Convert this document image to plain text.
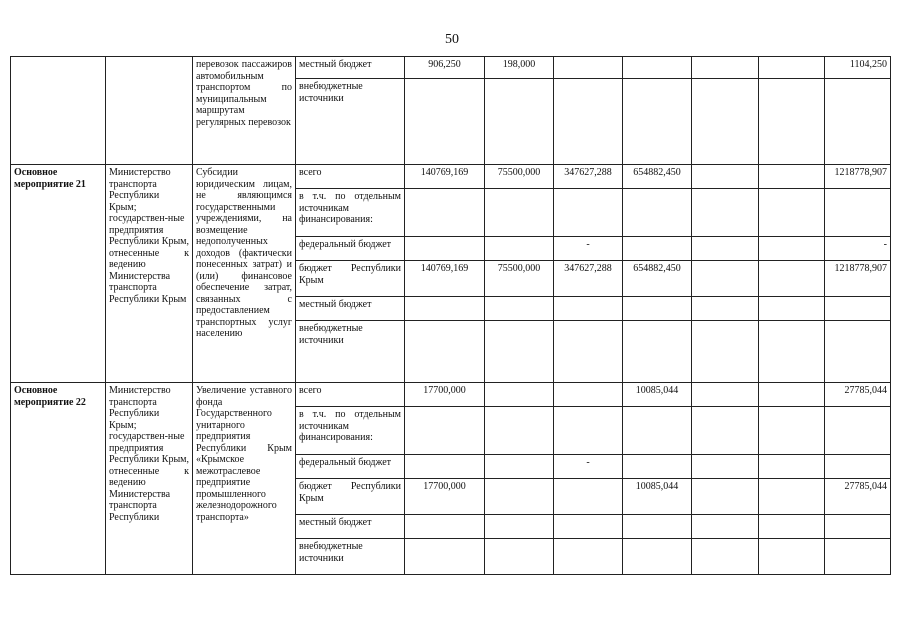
50
		перевозок пассажиров автомобильным транспортом по муниципальным маршрутам регулярных перевозок	местный бюджет	906,250	198,000					1104,250
			внебюджетные источники							
Основное мероприятие 21	Министерство транспорта Республики Крым; государствен-ные предприятия Республики Крым, отнесенные к ведению Министерства транспорта Республики Крым	Субсидии юридическим лицам, не являющимся государственными учреждениями, на возмещение недополученных доходов (фактически понесенных затрат) и (или) финансовое обеспечение затрат, связанных с предоставлением транспортных услуг населению	всего	140769,169	75500,000	347627,288	654882,450			1218778,907
			в т.ч. по отдельным источникам финансирования:							
			федеральный бюджет			-				-
			бюджет Республики Крым	140769,169	75500,000	347627,288	654882,450			1218778,907
			местный бюджет							
			внебюджетные источники							
Основное мероприятие 22	Министерство транспорта Республики Крым; государствен-ные предприятия Республики Крым, отнесенные к ведению Министерства транспорта Республики	Увеличение уставного фонда Государственного унитарного предприятия Республики Крым «Крымское межотраслевое предприятие промышленного железнодорожного транспорта»	всего	17700,000			10085,044			27785,044
			в т.ч. по отдельным источникам финансирования:							
			федеральный бюджет			-				
			бюджет Республики Крым	17700,000			10085,044			27785,044
			местный бюджет							
			внебюджетные источники							
